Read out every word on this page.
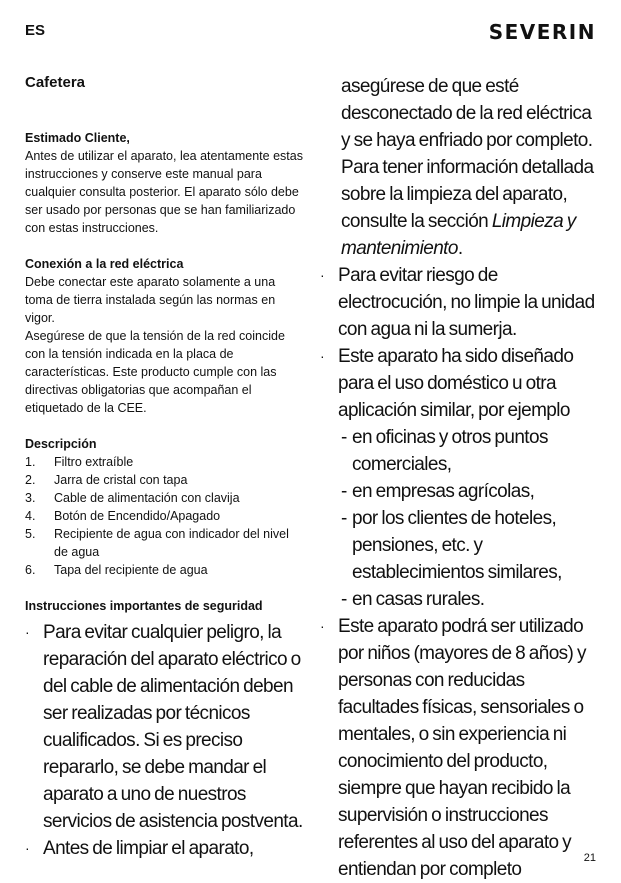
ES	SEVERIN

Cafetera

Estimado Cliente,

Antes de utilizar el aparato, lea atentamente estas instrucciones y conserve este manual para cualquier consulta posterior. El aparato sólo debe ser usado por personas que se han familiarizado con estas instrucciones.

Conexión a la red eléctrica

Debe conectar este aparato solamente a una toma de tierra instalada según las normas en vigor.

Asegúrese de que la tensión de la red coincide con la tensión indicada en la placa de características. Este producto cumple con las directivas obligatorias que acompañan el etiquetado de la CEE.

Descripción

1.	Filtro extraíble
2.	Jarra de cristal con tapa
3.	Cable de alimentación con clavija
4.	Botón de Encendido/Apagado
5.	Recipiente de agua con indicador del nivel de agua
6.	Tapa del recipiente de agua

Instrucciones importantes de seguridad

· Para evitar cualquier peligro, la reparación del aparato eléctrico o del cable de alimentación deben ser realizadas por técnicos cualificados. Si es preciso repararlo, se debe mandar el aparato a uno de nuestros servicios de asistencia postventa.
· Antes de limpiar el aparato,
asegúrese de que esté desconectado de la red eléctrica y se haya enfriado por completo. Para tener información detallada sobre la limpieza del aparato, consulte la sección Limpieza y mantenimiento.
· Para evitar riesgo de electrocución, no limpie la unidad con agua ni la sumerja.
· Este aparato ha sido diseñado para el uso doméstico u otra aplicación similar, por ejemplo
- en oficinas y otros puntos comerciales,
- en empresas agrícolas,
- por los clientes de hoteles, pensiones, etc. y establecimientos similares,
- en casas rurales.
· Este aparato podrá ser utilizado por niños (mayores de 8 años) y personas con reducidas facultades físicas, sensoriales o mentales, o sin experiencia ni conocimiento del producto, siempre que hayan recibido la supervisión o instrucciones referentes al uso del aparato y entiendan por completo
21
